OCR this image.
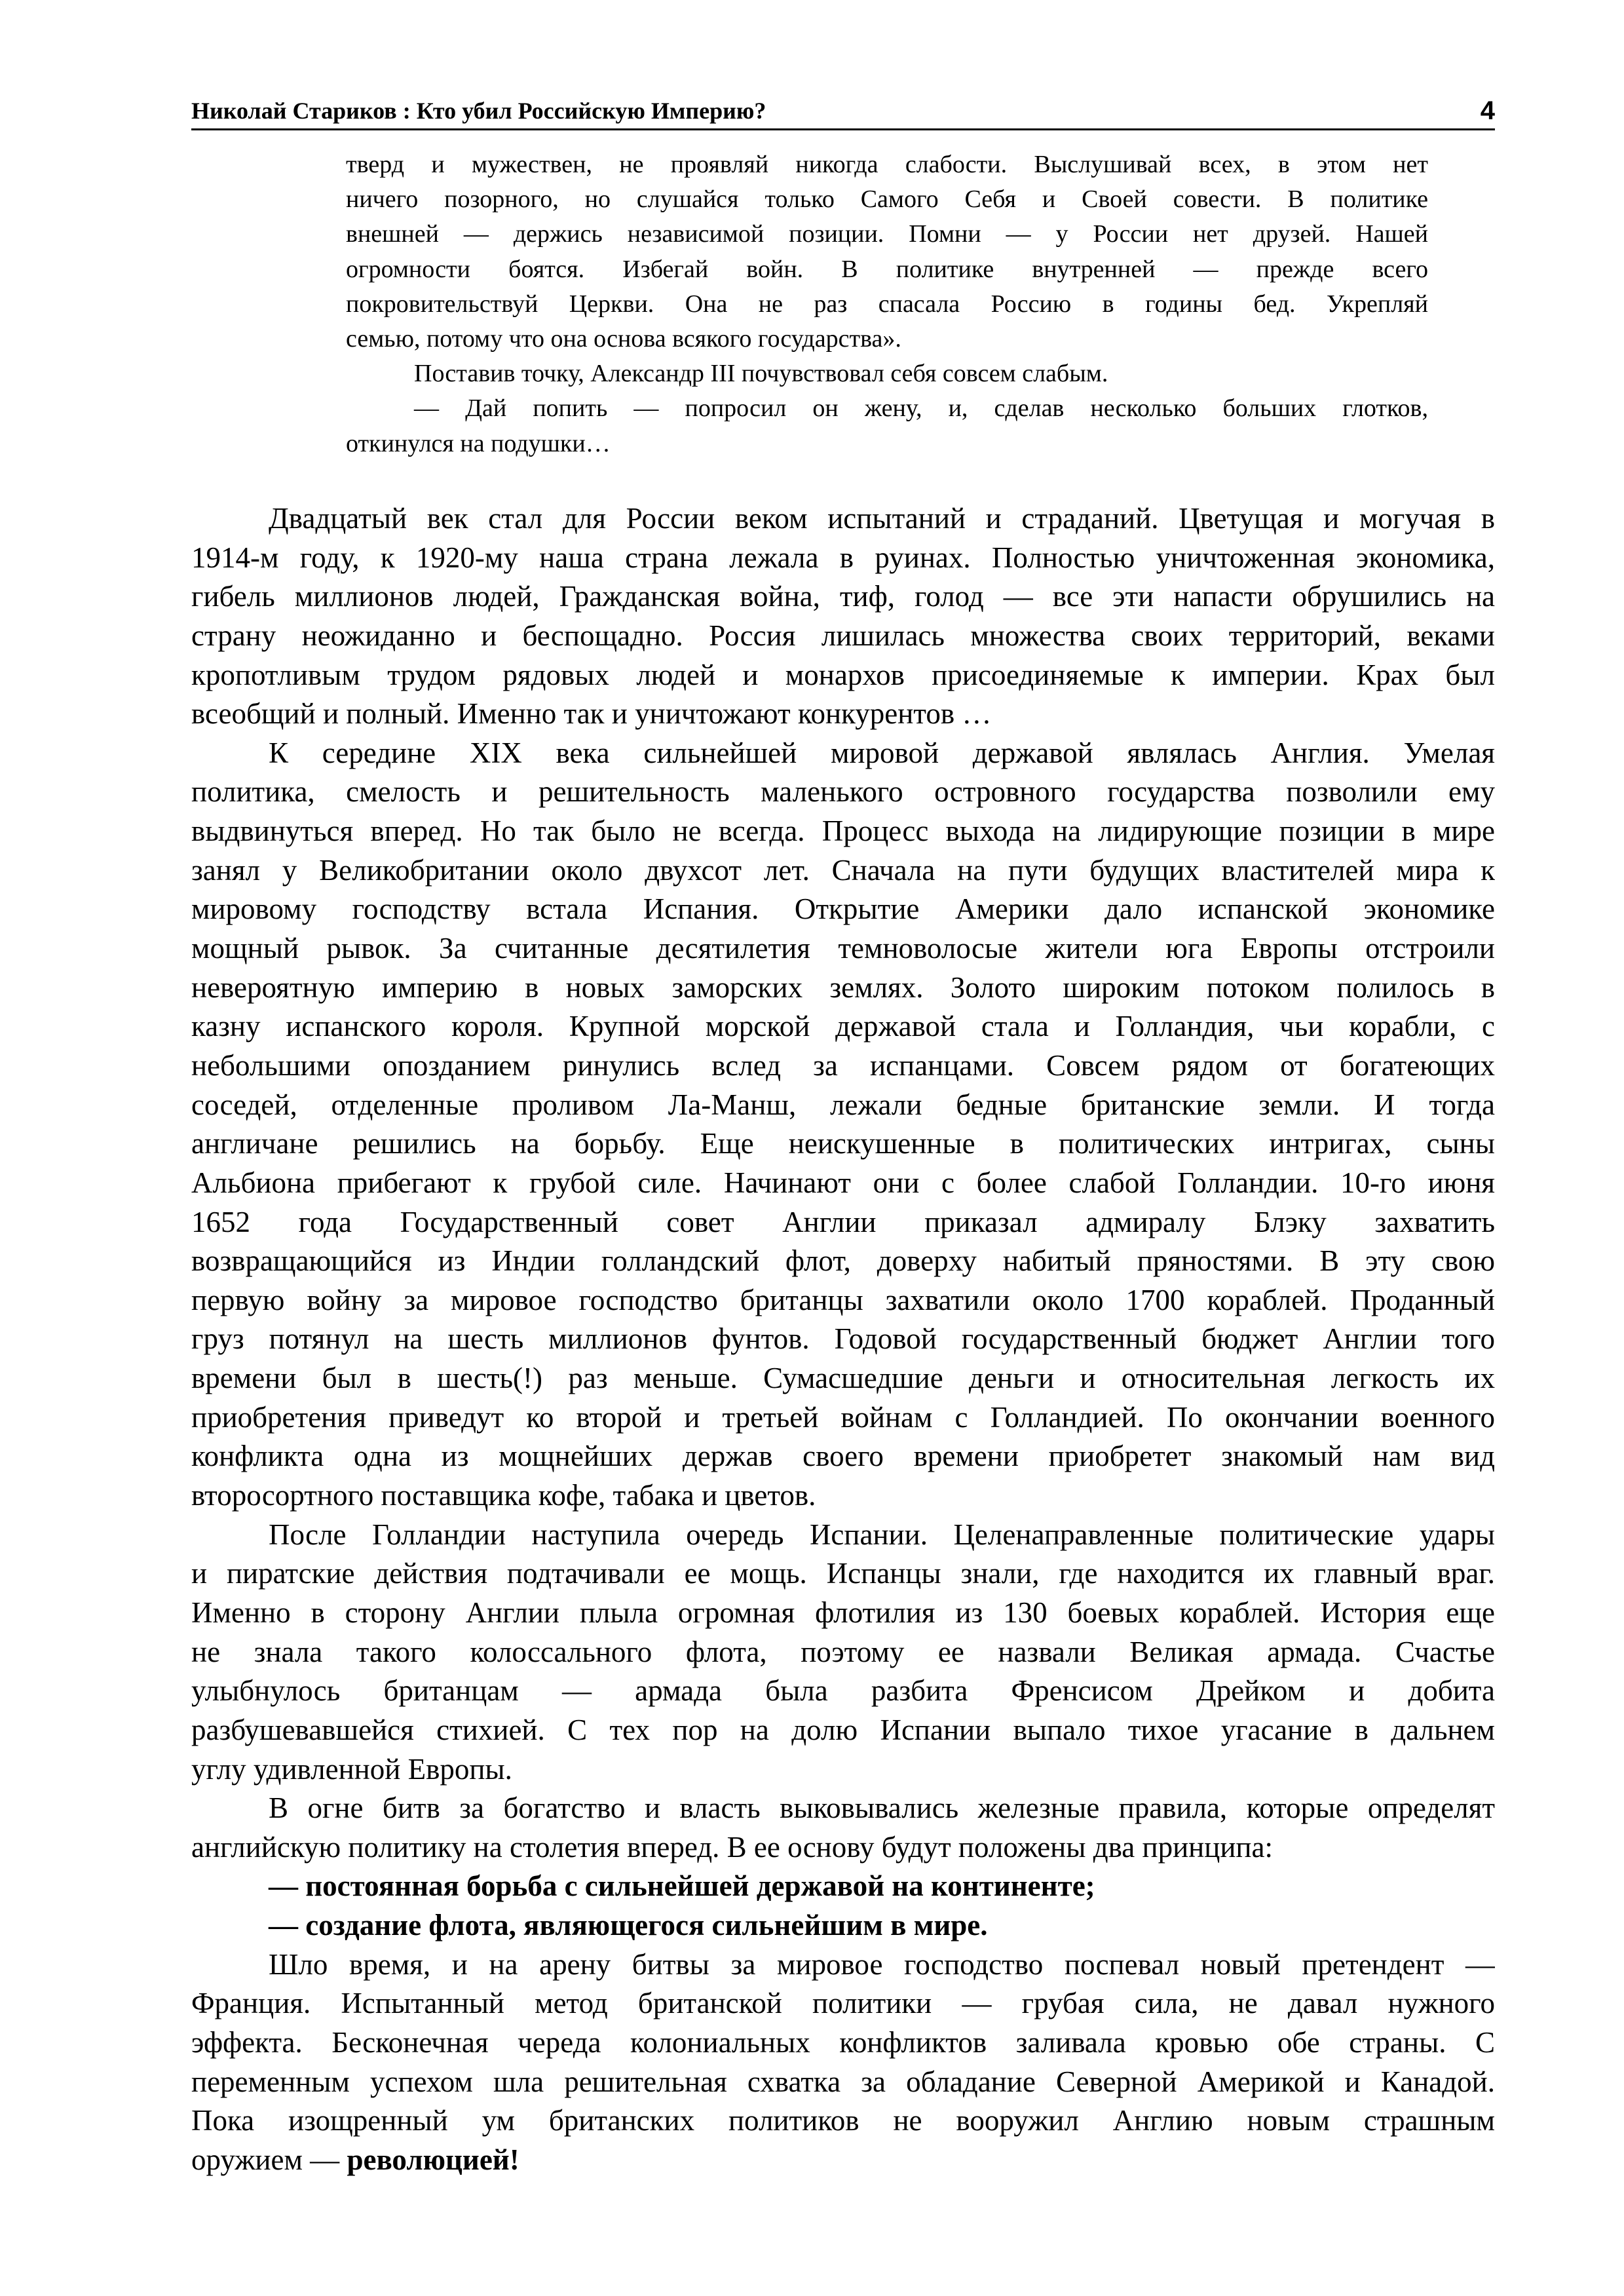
Николай Стариков : Кто убил Российскую Империю?	4
тверд и мужествен, не проявляй никогда слабости. Выслушивай всех, в этом нет
ничего позорного, но слушайся только Самого Себя и Своей совести. В политике
внешней — держись независимой позиции. Помни — у России нет друзей. Нашей
огромности боятся. Избегай войн. В политике внутренней — прежде всего
покровительствуй Церкви. Она не раз спасала Россию в годины бед. Укрепляй
семью, потому что она основа всякого государства».
Поставив точку, Александр III почувствовал себя совсем слабым.
— Дай попить — попросил он жену, и, сделав несколько больших глотков,
откинулся на подушки…
Двадцатый век стал для России веком испытаний и страданий. Цветущая и могучая в
1914-м году, к 1920-му наша страна лежала в руинах. Полностью уничтоженная экономика,
гибель миллионов людей, Гражданская война, тиф, голод — все эти напасти обрушились на
страну неожиданно и беспощадно. Россия лишилась множества своих территорий, веками
кропотливым трудом рядовых людей и монархов присоединяемые к империи. Крах был
всеобщий и полный. Именно так и уничтожают конкурентов …
К середине XIX века сильнейшей мировой державой являлась Англия. Умелая
политика, смелость и решительность маленького островного государства позволили ему
выдвинуться вперед. Но так было не всегда. Процесс выхода на лидирующие позиции в мире
занял у Великобритании около двухсот лет. Сначала на пути будущих властителей мира к
мировому господству встала Испания. Открытие Америки дало испанской экономике
мощный рывок. За считанные десятилетия темноволосые жители юга Европы отстроили
невероятную империю в новых заморских землях. Золото широким потоком полилось в
казну испанского короля. Крупной морской державой стала и Голландия, чьи корабли, с
небольшими опозданием ринулись вслед за испанцами. Совсем рядом от богатеющих
соседей, отделенные проливом Ла-Манш, лежали бедные британские земли. И тогда
англичане решились на борьбу. Еще неискушенные в политических интригах, сыны
Альбиона прибегают к грубой силе. Начинают они с более слабой Голландии. 10-го июня
1652 года Государственный совет Англии приказал адмиралу Блэку захватить
возвращающийся из Индии голландский флот, доверху набитый пряностями. В эту свою
первую войну за мировое господство британцы захватили около 1700 кораблей. Проданный
груз потянул на шесть миллионов фунтов. Годовой государственный бюджет Англии того
времени был в шесть(!) раз меньше. Сумасшедшие деньги и относительная легкость их
приобретения приведут ко второй и третьей войнам с Голландией. По окончании военного
конфликта одна из мощнейших держав своего времени приобретет знакомый нам вид
второсортного поставщика кофе, табака и цветов.
После Голландии наступила очередь Испании. Целенаправленные политические удары
и пиратские действия подтачивали ее мощь. Испанцы знали, где находится их главный враг.
Именно в сторону Англии плыла огромная флотилия из 130 боевых кораблей. История еще
не знала такого колоссального флота, поэтому ее назвали Великая армада. Счастье
улыбнулось британцам — армада была разбита Френсисом Дрейком и добита
разбушевавшейся стихией. С тех пор на долю Испании выпало тихое угасание в дальнем
углу удивленной Европы.
В огне битв за богатство и власть выковывались железные правила, которые определят
английскую политику на столетия вперед. В ее основу будут положены два принципа:
— постоянная борьба с сильнейшей державой на континенте;
— создание флота, являющегося сильнейшим в мире.
Шло время, и на арену битвы за мировое господство поспевал новый претендент —
Франция. Испытанный метод британской политики — грубая сила, не давал нужного
эффекта. Бесконечная череда колониальных конфликтов заливала кровью обе страны. С
переменным успехом шла решительная схватка за обладание Северной Америкой и Канадой.
Пока изощренный ум британских политиков не вооружил Англию новым страшным
оружием — революцией!
